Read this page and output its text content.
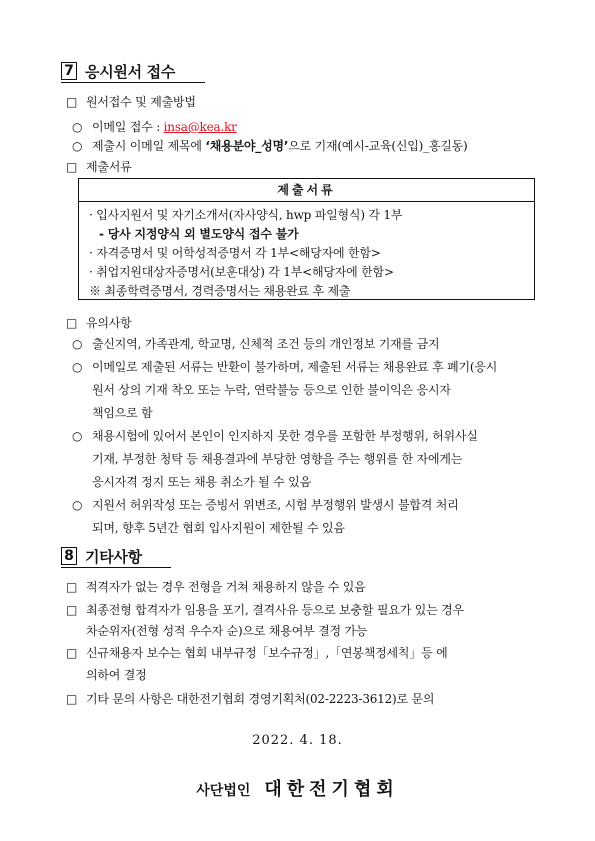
7 응시원서 접수
□ 원서접수 및 제출방법
○ 이메일 접수 : insa@kea.kr
○ 제출시 이메일 제목에 ‘채용분야_성명’으로 기재(예시-교육(신입)_홍길동)
□ 제출서류
제출서류
· 입사지원서 및 자기소개서(자사양식, hwp 파일형식) 각 1부
- 당사 지정양식 외 별도양식 접수 불가
· 자격증명서 및 어학성적증명서 각 1부<해당자에 한함>
· 취업지원대상자증명서(보훈대상) 각 1부<해당자에 한함>
※ 최종학력증명서, 경력증명서는 채용완료 후 제출
□ 유의사항
○ 출신지역, 가족관계, 학교명, 신체적 조건 등의 개인정보 기재를 금지
○ 이메일로 제출된 서류는 반환이 불가하며, 제출된 서류는 채용완료 후 폐기(응시
원서 상의 기재 착오 또는 누락, 연락불능 등으로 인한 불이익은 응시자
책임으로 함
○ 채용시험에 있어서 본인이 인지하지 못한 경우를 포함한 부정행위, 허위사실
기재, 부정한 청탁 등 채용결과에 부당한 영향을 주는 행위를 한 자에게는
응시자격 정지 또는 채용 취소가 될 수 있음
○ 지원서 허위작성 또는 증빙서 위변조, 시험 부정행위 발생시 불합격 처리
되며, 향후 5년간 협회 입사지원이 제한될 수 있음
8 기타사항
□ 적격자가 없는 경우 전형을 거쳐 채용하지 않을 수 있음
□ 최종전형 합격자가 임용을 포기, 결격사유 등으로 보충할 필요가 있는 경우
차순위자(전형 성적 우수자 순)으로 채용여부 결정 가능
□ 신규채용자 보수는 협회 내부규정「보수규정」,「연봉책정세칙」등 에
의하여 결정
□ 기타 문의 사항은 대한전기협회 경영기획처(02-2223-3612)로 문의
2022. 4. 18.
사단법인 대한전기협회
